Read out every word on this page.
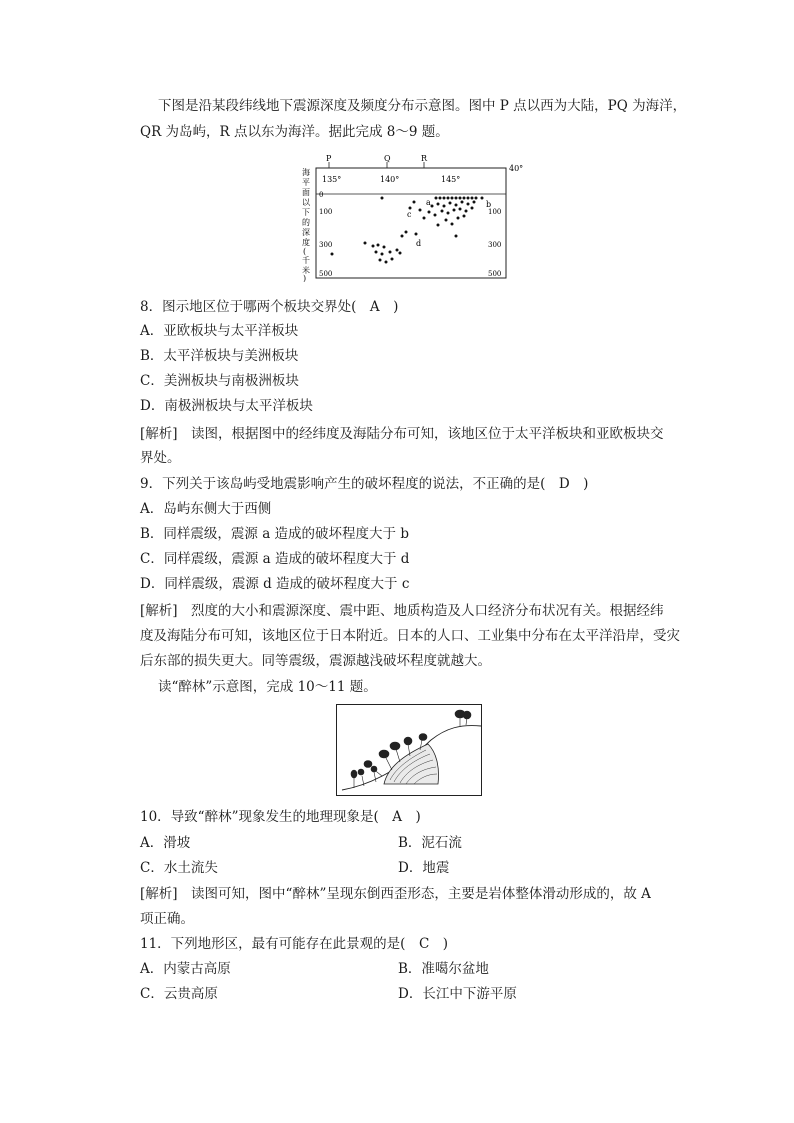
下图是沿某段纬线地下震源深度及频度分布示意图。图中 P 点以西为大陆，PQ 为海洋，
QR 为岛屿，R 点以东为海洋。据此完成 8～9 题。
P	Q	R
40°
135°	140°	145°
海
平
面
以
下
的
深
度
(
千
米
)
0
100
300
500
100
300
500
a	b
c
d
8．图示地区位于哪两个板块交界处(　A　)
A．亚欧板块与太平洋板块
B．太平洋板块与美洲板块
C．美洲板块与南极洲板块
D．南极洲板块与太平洋板块
[解析]　读图，根据图中的经纬度及海陆分布可知，该地区位于太平洋板块和亚欧板块交
界处。
9．下列关于该岛屿受地震影响产生的破坏程度的说法，不正确的是(　D　)
A．岛屿东侧大于西侧
B．同样震级，震源 a 造成的破坏程度大于 b
C．同样震级，震源 a 造成的破坏程度大于 d
D．同样震级，震源 d 造成的破坏程度大于 c
[解析]　烈度的大小和震源深度、震中距、地质构造及人口经济分布状况有关。根据经纬
度及海陆分布可知，该地区位于日本附近。日本的人口、工业集中分布在太平洋沿岸，受灾
后东部的损失更大。同等震级，震源越浅破坏程度就越大。
读“醉林”示意图，完成 10～11 题。
10．导致“醉林”现象发生的地理现象是(　A　)
A．滑坡	B．泥石流
C．水土流失	D．地震
[解析]　读图可知，图中“醉林”呈现东倒西歪形态，主要是岩体整体滑动形成的，故 A
项正确。
11．下列地形区，最有可能存在此景观的是(　C　)
A．内蒙古高原	B．准噶尔盆地
C．云贵高原	D．长江中下游平原
